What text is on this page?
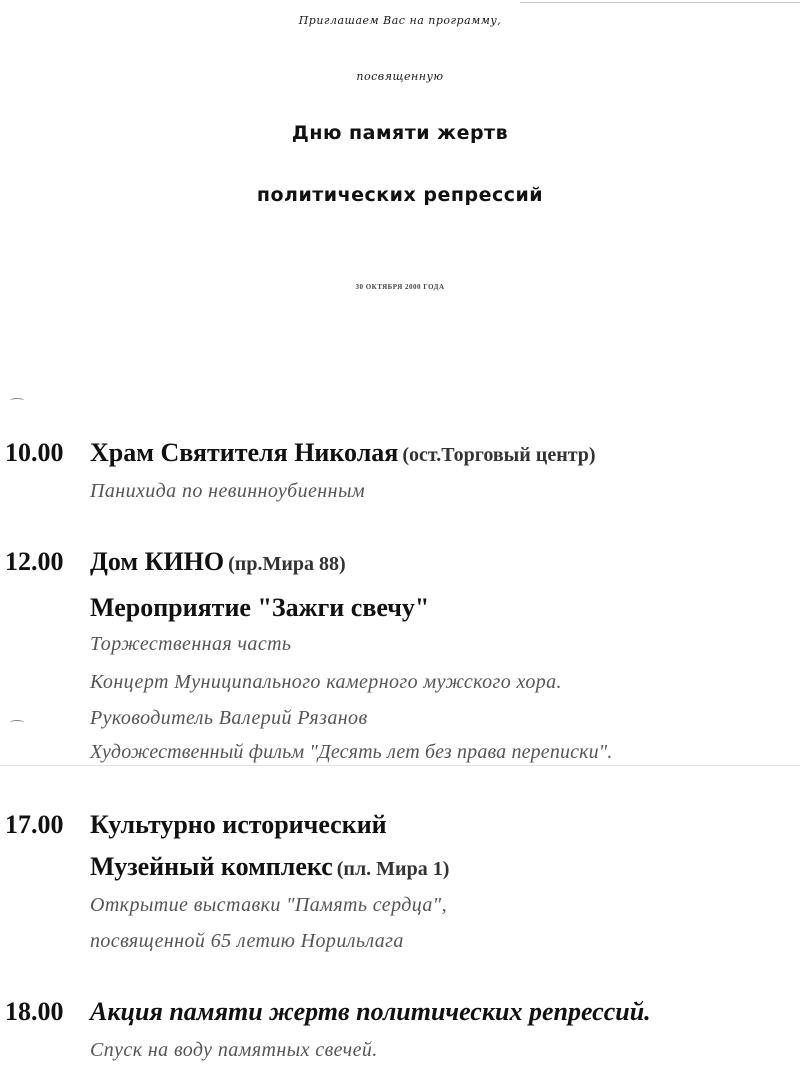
Приглашаем Вас на программу,
посвященную
Дню памяти жертв
политических репрессий
30 ОКТЯБРЯ 2000 ГОДА
10.00 Храм Святителя Николая (ост.Торговый центр)
Панихида по невинноубиенным
12.00 Дом КИНО (пр.Мира 88)
Мероприятие "Зажги свечу"
Торжественная часть
Концерт Муниципального камерного мужского хора.
Руководитель Валерий Рязанов
Художественный фильм "Десять лет без права переписки".
17.00 Культурно исторический
Музейный комплекс (пл. Мира 1)
Открытие выставки "Память сердца",
посвященной 65 летию Норильлага
18.00 Акция памяти жертв политических репрессий.
Спуск на воду памятных свечей.
